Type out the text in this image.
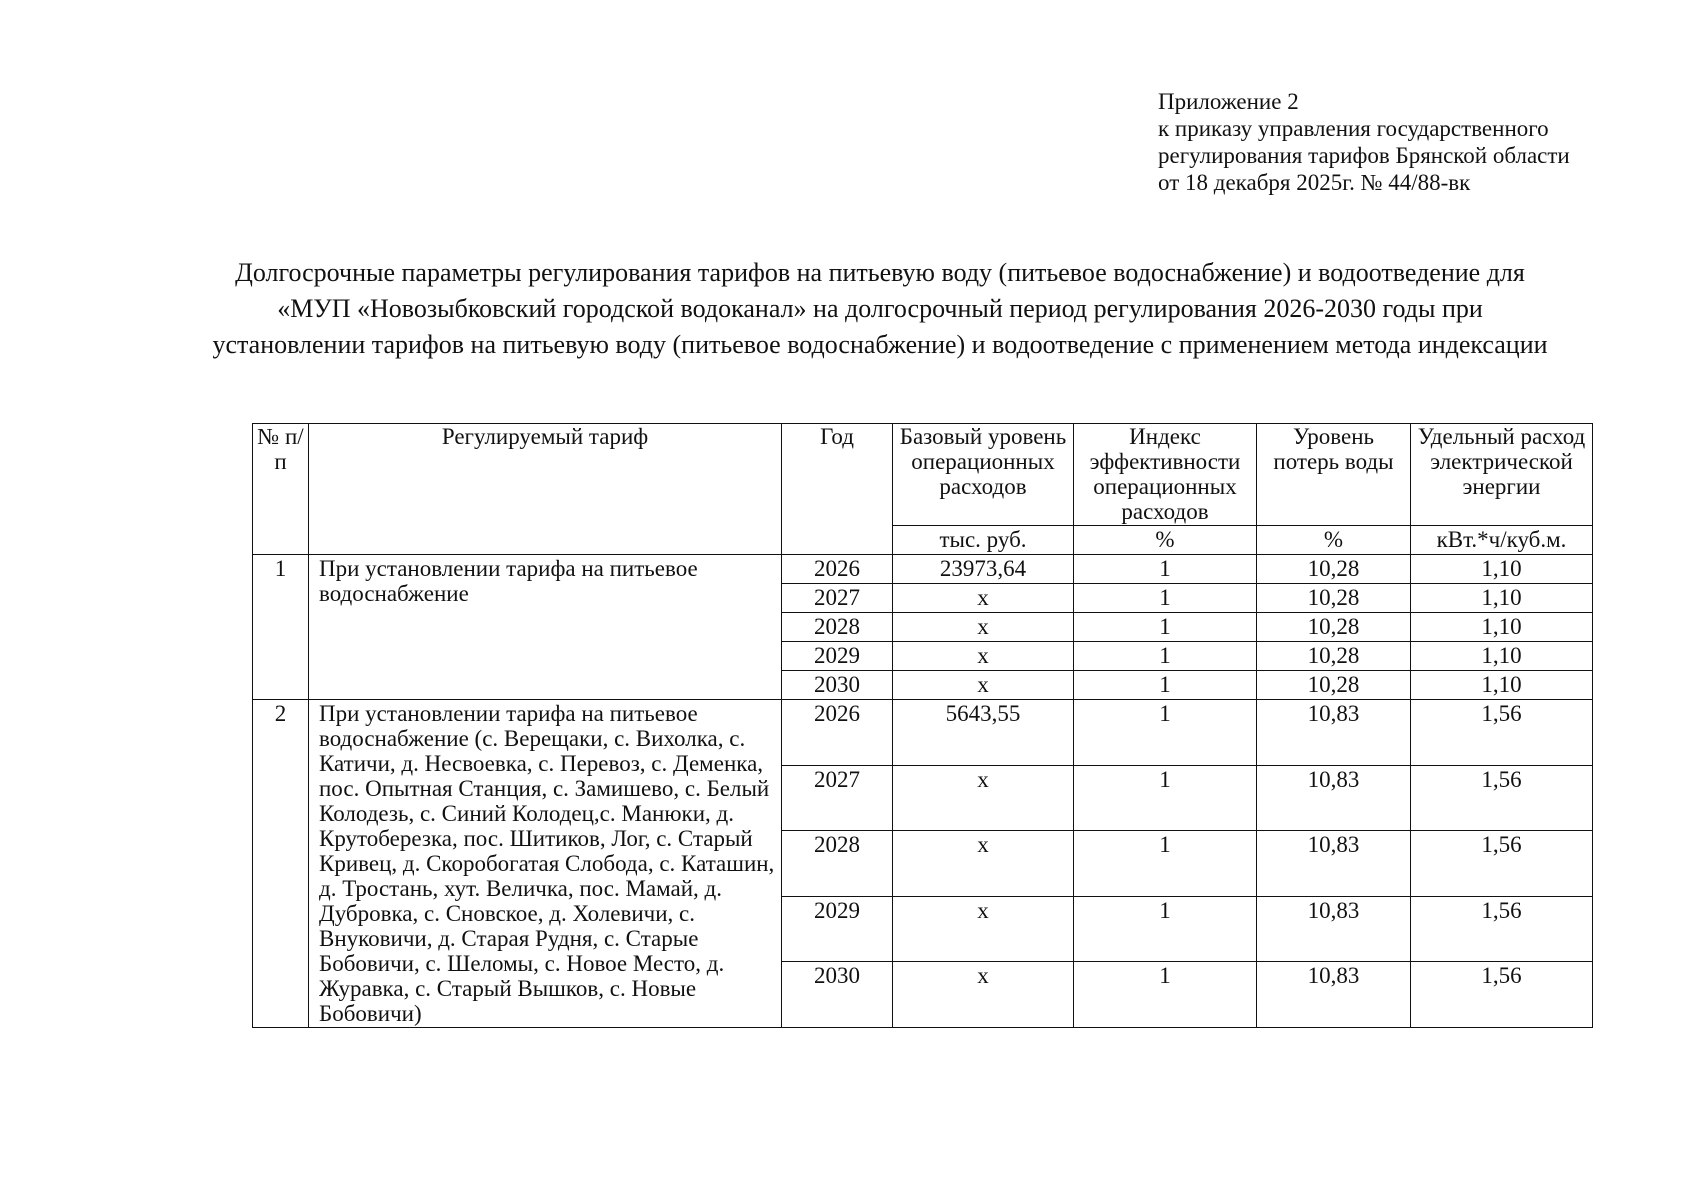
Приложение 2
к приказу управления государственного
регулирования тарифов Брянской области
от 18 декабря 2025г. № 44/88-вк
Долгосрочные параметры регулирования тарифов на питьевую воду (питьевое водоснабжение) и водоотведение для
«МУП «Новозыбковский городской водоканал» на долгосрочный период регулирования 2026-2030 годы при
установлении тарифов на питьевую воду (питьевое водоснабжение) и водоотведение с применением метода индексации
№ п/п	Регулируемый тариф	Год	Базовый уровень операционных расходов	Индекс эффективности операционных расходов	Уровень потерь воды	Удельный расход электрической энергии
			тыс. руб.	%	%	кВт.*ч/куб.м.
1	При установлении тарифа на питьевое водоснабжение	2026	23973,64	1	10,28	1,10
		2027	х	1	10,28	1,10
		2028	х	1	10,28	1,10
		2029	х	1	10,28	1,10
		2030	х	1	10,28	1,10
2	При установлении тарифа на питьевое водоснабжение (с. Верещаки, с. Вихолка, с. Катичи, д. Несвоевка, с. Перевоз, с. Деменка, пос. Опытная Станция, с. Замишево, с. Белый Колодезь, с. Синий Колодец,с. Манюки, д. Крутоберезка, пос. Шитиков, Лог, с. Старый Кривец, д. Скоробогатая Слобода, с. Каташин, д. Тростань, хут. Величка, пос. Мамай, д. Дубровка, с. Сновское, д. Холевичи, с. Внуковичи, д. Старая Рудня, с. Старые Бобовичи, с. Шеломы, с. Новое Место, д. Журавка, с. Старый Вышков, с. Новые Бобовичи)	2026	5643,55	1	10,83	1,56
		2027	х	1	10,83	1,56
		2028	х	1	10,83	1,56
		2029	х	1	10,83	1,56
		2030	х	1	10,83	1,56
